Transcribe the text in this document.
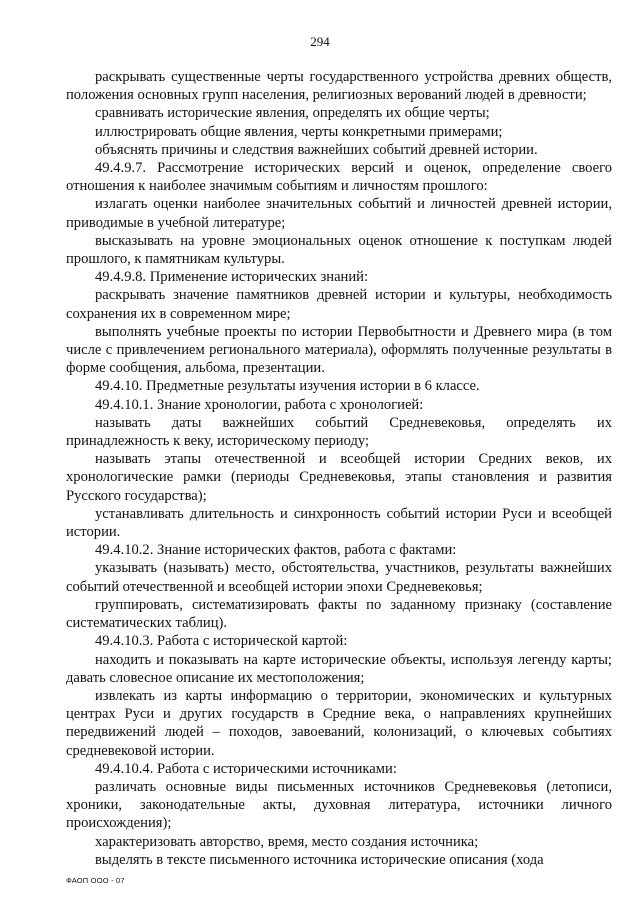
294

раскрывать существенные черты государственного устройства древних обществ, положения основных групп населения, религиозных верований людей в древности;

сравнивать исторические явления, определять их общие черты;

иллюстрировать общие явления, черты конкретными примерами;

объяснять причины и следствия важнейших событий древней истории.

49.4.9.7. Рассмотрение исторических версий и оценок, определение своего отношения к наиболее значимым событиям и личностям прошлого:

излагать оценки наиболее значительных событий и личностей древней истории, приводимые в учебной литературе;

высказывать на уровне эмоциональных оценок отношение к поступкам людей прошлого, к памятникам культуры.

49.4.9.8. Применение исторических знаний:

раскрывать значение памятников древней истории и культуры, необходимость сохранения их в современном мире;

выполнять учебные проекты по истории Первобытности и Древнего мира (в том числе с привлечением регионального материала), оформлять полученные результаты в форме сообщения, альбома, презентации.

49.4.10. Предметные результаты изучения истории в 6 классе.

49.4.10.1. Знание хронологии, работа с хронологией:

называть даты важнейших событий Средневековья, определять их принадлежность к веку, историческому периоду;

называть этапы отечественной и всеобщей истории Средних веков, их хронологические рамки (периоды Средневековья, этапы становления и развития Русского государства);

устанавливать длительность и синхронность событий истории Руси и всеобщей истории.

49.4.10.2. Знание исторических фактов, работа с фактами:

указывать (называть) место, обстоятельства, участников, результаты важнейших событий отечественной и всеобщей истории эпохи Средневековья;

группировать, систематизировать факты по заданному признаку (составление систематических таблиц).

49.4.10.3. Работа с исторической картой:

находить и показывать на карте исторические объекты, используя легенду карты; давать словесное описание их местоположения;

извлекать из карты информацию о территории, экономических и культурных центрах Руси и других государств в Средние века, о направлениях крупнейших передвижений людей – походов, завоеваний, колонизаций, о ключевых событиях средневековой истории.

49.4.10.4. Работа с историческими источниками:

различать основные виды письменных источников Средневековья (летописи, хроники, законодательные акты, духовная литература, источники личного происхождения);

характеризовать авторство, время, место создания источника;

выделять в тексте письменного источника исторические описания (хода

ФАОП ООО - 07
